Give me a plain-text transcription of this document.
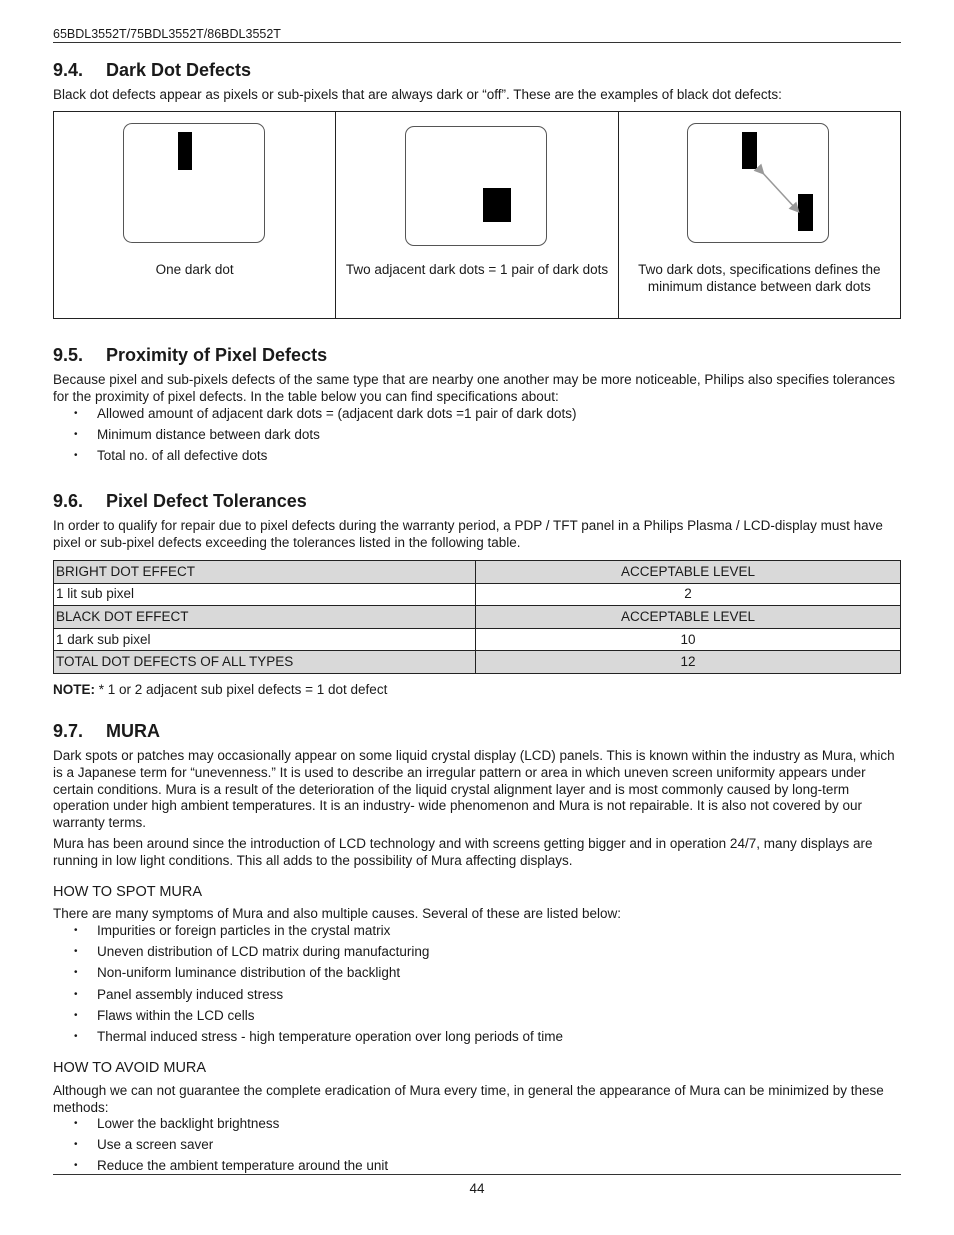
65BDL3552T/75BDL3552T/86BDL3552T
9.4. Dark Dot Defects

Black dot defects appear as pixels or sub-pixels that are always dark or “off”. These are the examples of black dot defects:

One dark dot	Two adjacent dark dots = 1 pair of dark dots	Two dark dots, specifications defines the minimum distance between dark dots
9.5. Proximity of Pixel Defects

Because pixel and sub-pixels defects of the same type that are nearby one another may be more noticeable, Philips also specifies tolerances for the proximity of pixel defects. In the table below you can find specifications about:

• Allowed amount of adjacent dark dots = (adjacent dark dots =1 pair of dark dots)
• Minimum distance between dark dots
• Total no. of all defective dots
9.6. Pixel Defect Tolerances

In order to qualify for repair due to pixel defects during the warranty period, a PDP / TFT panel in a Philips Plasma / LCD-display must have pixel or sub-pixel defects exceeding the tolerances listed in the following table.

BRIGHT DOT EFFECT	ACCEPTABLE LEVEL
1 lit sub pixel	2
BLACK DOT EFFECT	ACCEPTABLE LEVEL
1 dark sub pixel	10
TOTAL DOT DEFECTS OF ALL TYPES	12

NOTE: * 1 or 2 adjacent sub pixel defects = 1 dot defect

9.7. MURA

Dark spots or patches may occasionally appear on some liquid crystal display (LCD) panels. This is known within the industry as Mura, which is a Japanese term for “unevenness.” It is used to describe an irregular pattern or area in which uneven screen uniformity appears under certain conditions. Mura is a result of the deterioration of the liquid crystal alignment layer and is most commonly caused by long-term operation under high ambient temperatures. It is an industry- wide phenomenon and Mura is not repairable. It is also not covered by our warranty terms.

Mura has been around since the introduction of LCD technology and with screens getting bigger and in operation 24/7, many displays are running in low light conditions. This all adds to the possibility of Mura affecting displays.

HOW TO SPOT MURA

There are many symptoms of Mura and also multiple causes. Several of these are listed below:

• Impurities or foreign particles in the crystal matrix
• Uneven distribution of LCD matrix during manufacturing
• Non-uniform luminance distribution of the backlight
• Panel assembly induced stress
• Flaws within the LCD cells
• Thermal induced stress - high temperature operation over long periods of time
HOW TO AVOID MURA

Although we can not guarantee the complete eradication of Mura every time, in general the appearance of Mura can be minimized by these methods:

• Lower the backlight brightness
• Use a screen saver
• Reduce the ambient temperature around the unit
44
